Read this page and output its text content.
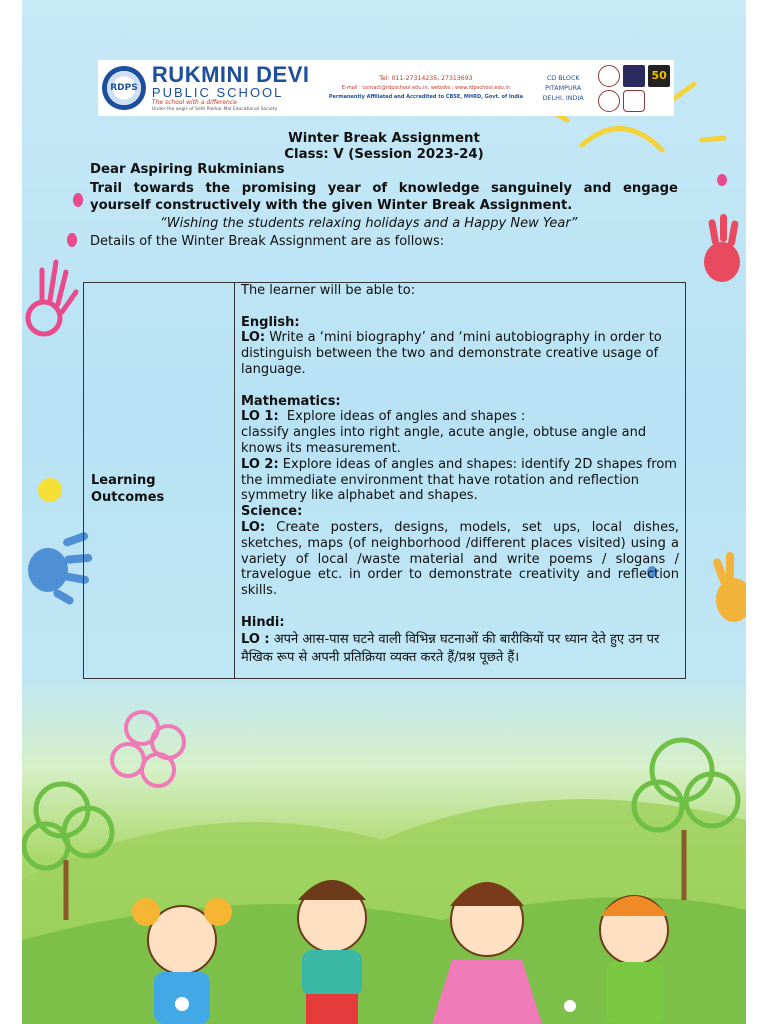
RDPS
RUKMINI DEVI
PUBLIC SCHOOL
The school with a difference
Under the aegis of Seth Pokhar Mal Educational Society
Tel: 011-27314235, 27313693
E-mail : contact@rdpschool.edu.in, website : www.rdpschool.edu.in
Permanently Affiliated and Accredited to CBSE, MHRD, Govt. of India
CD BLOCK
PITAMPURA
DELHI, INDIA
50
Winter Break Assignment
Class: V (Session 2023-24)
Dear Aspiring Rukminians
Trail towards the promising year of knowledge sanguinely and engage yourself constructively with the given Winter Break Assignment.
“Wishing the students relaxing holidays and a Happy New Year”
Details of the Winter Break Assignment are as follows:
Learning
Outcomes
The learner will be able to:
English:
LO: Write a ‘mini biography’ and ‘mini autobiography in order to distinguish between the two and demonstrate creative usage of language.
Mathematics:
LO 1:  Explore ideas of angles and shapes :
classify angles into right angle, acute angle, obtuse angle and knows its measurement.
LO 2: Explore ideas of angles and shapes: identify 2D shapes from the immediate environment that have rotation and reflection symmetry like alphabet and shapes.
Science:
LO: Create posters, designs, models, set ups, local dishes, sketches, maps (of neighborhood /different places visited) using a variety of local /waste material and write poems / slogans / travelogue etc. in order to demonstrate creativity and reflection skills.
Hindi:
LO : अपने आस-पास घटने वाली विभिन्न घटनाओं की बारीकियों पर ध्यान देते हुए उन पर मैखिक रूप से अपनी प्रतिक्रिया व्यक्त करते हैं/प्रश्न पूछते हैं।
